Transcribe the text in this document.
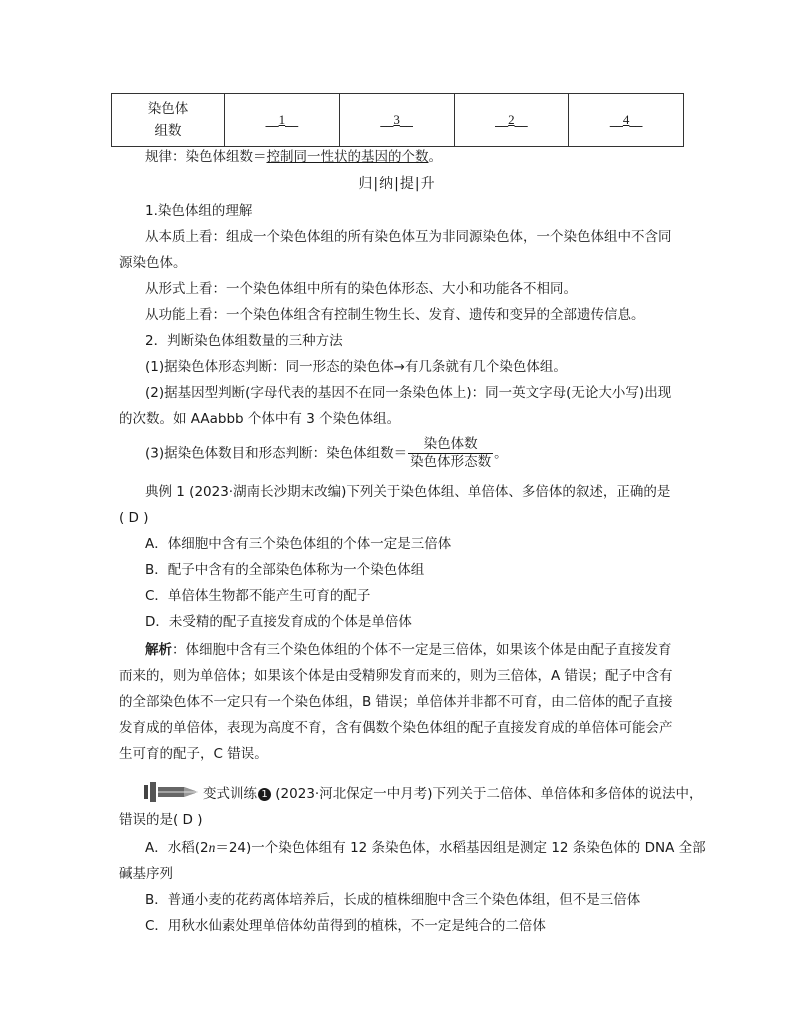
染色体
组数
	__1__	__3__	__2__	__4__
规律：染色体组数＝控制同一性状的基因的个数。
归|纳|提|升
1.染色体组的理解
从本质上看：组成一个染色体组的所有染色体互为非同源染色体，一个染色体组中不含同
源染色体。
从形式上看：一个染色体组中所有的染色体形态、大小和功能各不相同。
从功能上看：一个染色体组含有控制生物生长、发育、遗传和变异的全部遗传信息。
2．判断染色体组数量的三种方法
(1)据染色体形态判断：同一形态的染色体→有几条就有几个染色体组。
(2)据基因型判断(字母代表的基因不在同一条染色体上)：同一英文字母(无论大小写)出现
的次数。如 AAabbb 个体中有 3 个染色体组。
(3)据染色体数目和形态判断：染色体组数＝ $\frac{\text{染色体数}}{\text{染色体形态数}}$ 。
典例 1 (2023·湖南长沙期末改编)下列关于染色体组、单倍体、多倍体的叙述，正确的是
( D )
A．体细胞中含有三个染色体组的个体一定是三倍体
B．配子中含有的全部染色体称为一个染色体组
C．单倍体生物都不能产生可育的配子
D．未受精的配子直接发育成的个体是单倍体
解析：体细胞中含有三个染色体组的个体不一定是三倍体，如果该个体是由配子直接发育
而来的，则为单倍体；如果该个体是由受精卵发育而来的，则为三倍体，A 错误；配子中含有
的全部染色体不一定只有一个染色体组，B 错误；单倍体并非都不可育，由二倍体的配子直接
发育成的单倍体，表现为高度不育，含有偶数个染色体组的配子直接发育成的单倍体可能会产
生可育的配子，C 错误。
变式训练 1 (2023·河北保定一中月考)下列关于二倍体、单倍体和多倍体的说法中，
错误的是( D )
A．水稻(2n＝24)一个染色体组有 12 条染色体，水稻基因组是测定 12 条染色体的 DNA 全部
碱基序列
B．普通小麦的花药离体培养后，长成的植株细胞中含三个染色体组，但不是三倍体
C．用秋水仙素处理单倍体幼苗得到的植株，不一定是纯合的二倍体
